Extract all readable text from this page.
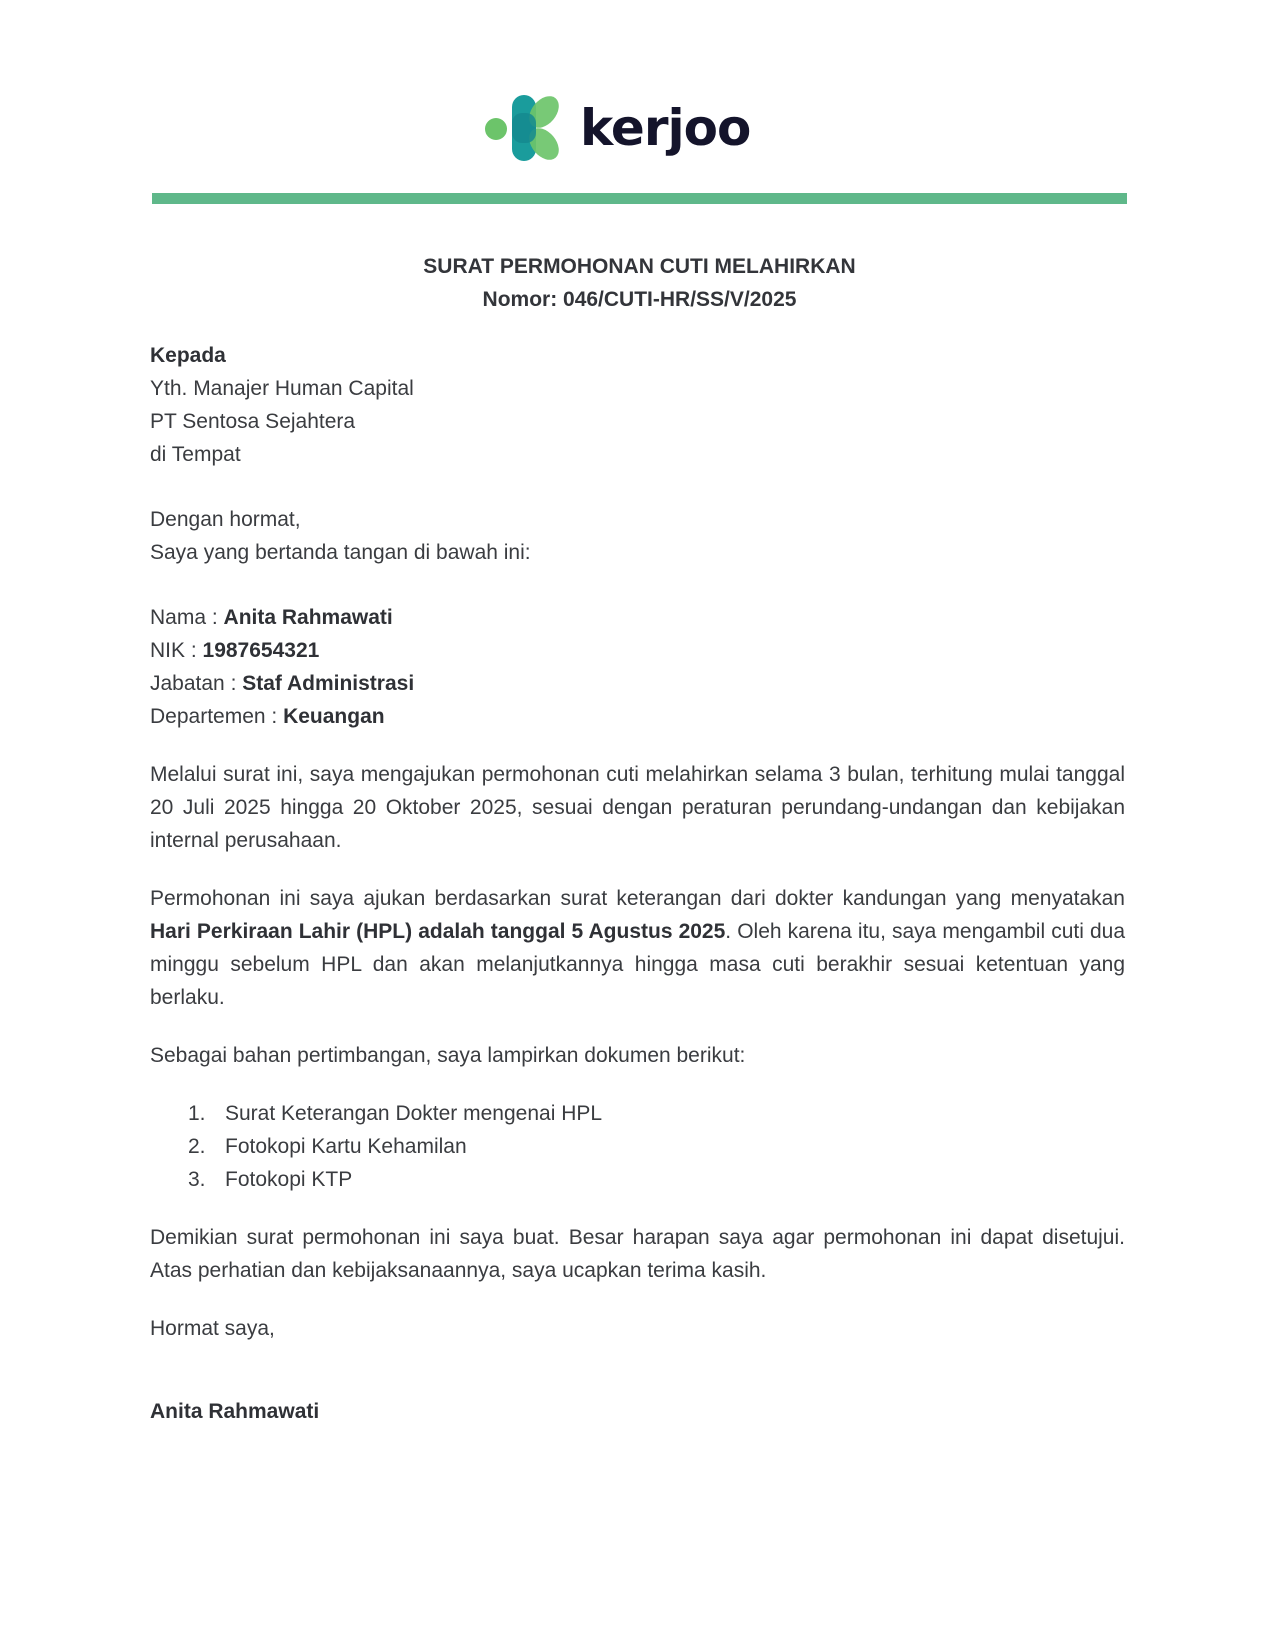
kerjoo
SURAT PERMOHONAN CUTI MELAHIRKAN
Nomor: 046/CUTI-HR/SS/V/2025

Kepada

Yth. Manajer Human Capital

PT Sentosa Sejahtera

di Tempat

Dengan hormat,

Saya yang bertanda tangan di bawah ini:

Nama : Anita Rahmawati

NIK : 1987654321

Jabatan : Staf Administrasi

Departemen : Keuangan

Melalui surat ini, saya mengajukan permohonan cuti melahirkan selama 3 bulan, terhitung mulai tanggal 20 Juli 2025 hingga 20 Oktober 2025, sesuai dengan peraturan perundang-undangan dan kebijakan internal perusahaan.

Permohonan ini saya ajukan berdasarkan surat keterangan dari dokter kandungan yang menyatakan Hari Perkiraan Lahir (HPL) adalah tanggal 5 Agustus 2025. Oleh karena itu, saya mengambil cuti dua minggu sebelum HPL dan akan melanjutkannya hingga masa cuti berakhir sesuai ketentuan yang berlaku.

Sebagai bahan pertimbangan, saya lampirkan dokumen berikut:

1. Surat Keterangan Dokter mengenai HPL
2. Fotokopi Kartu Kehamilan
3. Fotokopi KTP

Demikian surat permohonan ini saya buat. Besar harapan saya agar permohonan ini dapat disetujui. Atas perhatian dan kebijaksanaannya, saya ucapkan terima kasih.

Hormat saya,

Anita Rahmawati
